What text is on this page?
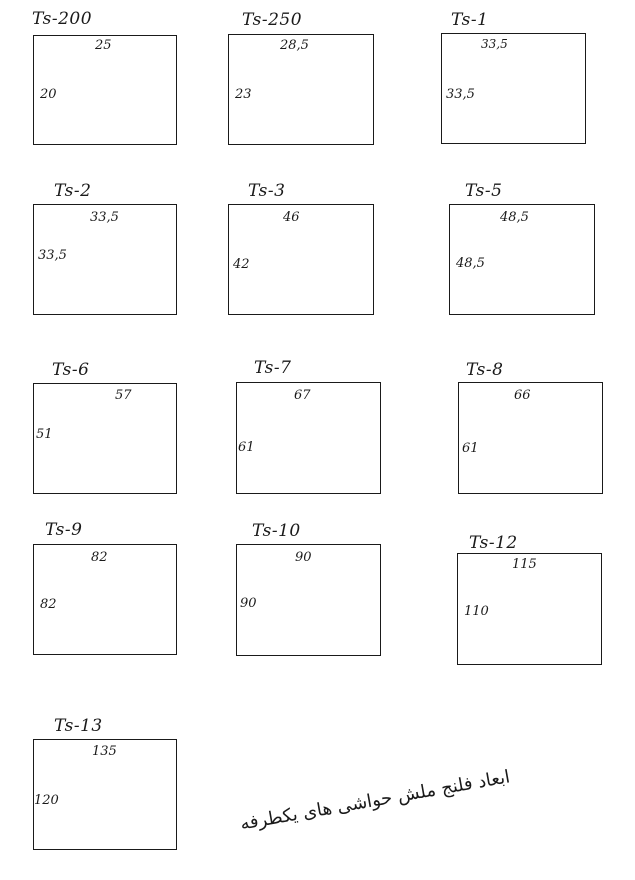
Ts-200
25
20
Ts-250
28,5
23
Ts-1
33,5
33,5
Ts-2
33,5
33,5
Ts-3
46
42
Ts-5
48,5
48,5
Ts-6
57
51
Ts-7
67
61
Ts-8
66
61
Ts-9
82
82
Ts-10
90
90
Ts-12
115
110
Ts-13
135
120	ابعاد فلنج ملش حواشی های یکطرفه
